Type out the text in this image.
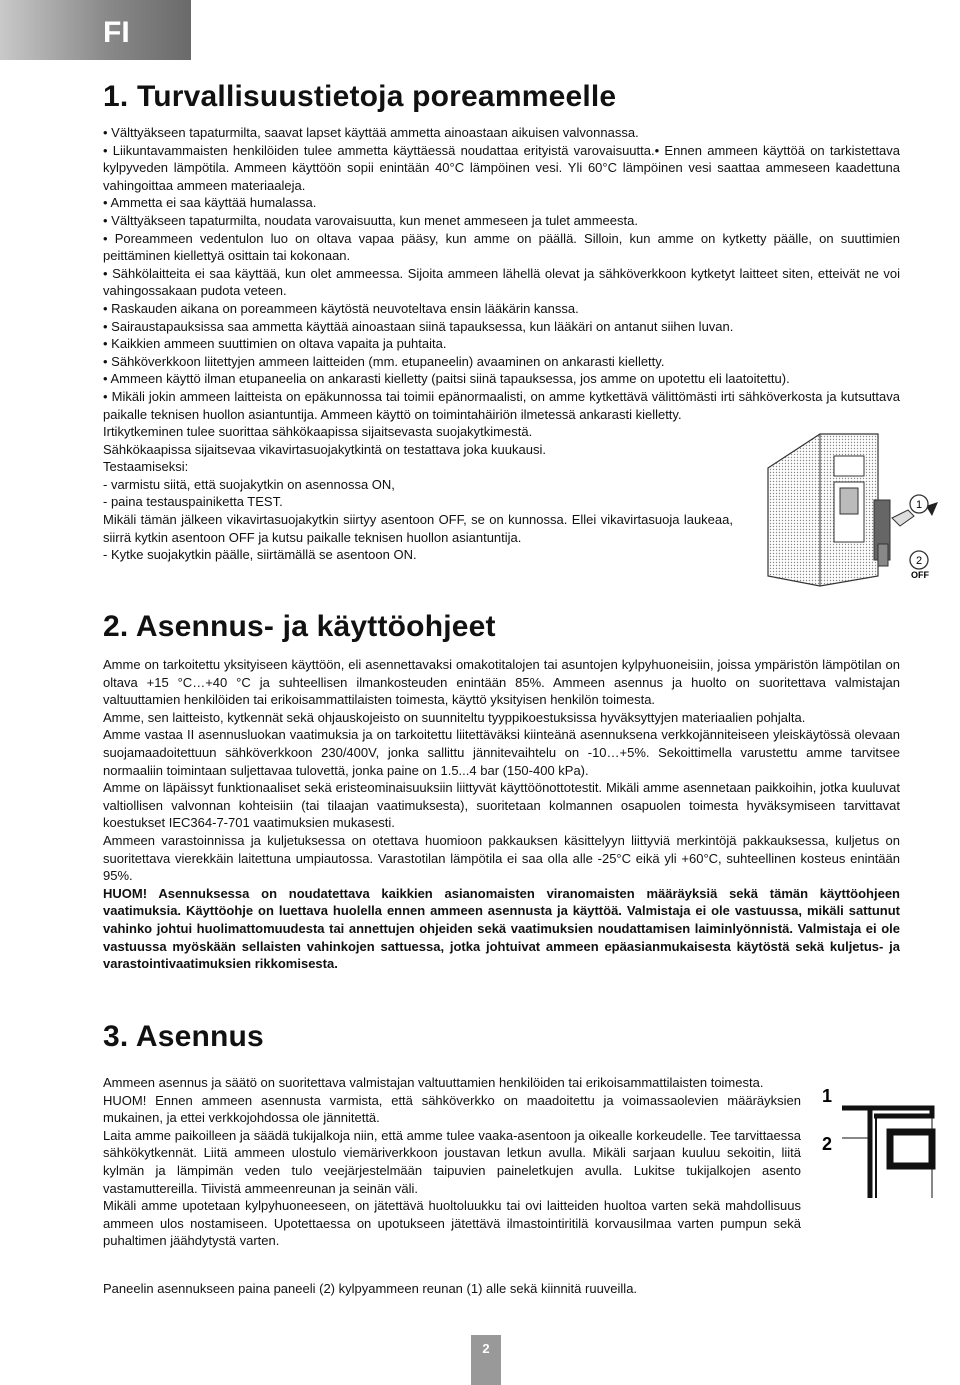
FI
1. Turvallisuustietoja poreammeelle

• Välttyäkseen tapaturmilta, saavat lapset käyttää ammetta ainoastaan aikuisen valvonnassa.

• Liikuntavammaisten henkilöiden tulee ammetta käyttäessä noudattaa erityistä varovaisuutta.• Ennen ammeen käyttöä on tarkistettava kylpyveden lämpötila. Ammeen käyttöön sopii enintään 40°C lämpöinen vesi. Yli 60°C lämpöinen vesi saattaa ammeseen kaadettuna vahingoittaa ammeen materiaaleja.

• Ammetta ei saa käyttää humalassa.

• Välttyäkseen tapaturmilta, noudata varovaisuutta, kun menet ammeseen ja tulet ammeesta.

• Poreammeen vedentulon luo on oltava vapaa pääsy, kun amme on päällä. Silloin, kun amme on kytketty päälle, on suuttimien peittäminen kiellettyä osittain tai kokonaan.

• Sähkölaitteita ei saa käyttää, kun olet ammeessa. Sijoita ammeen lähellä olevat ja sähköverkkoon kytketyt laitteet siten, etteivät ne voi vahingossakaan pudota veteen.

• Raskauden aikana on poreammeen käytöstä neuvoteltava ensin lääkärin kanssa.

• Sairaustapauksissa saa ammetta käyttää ainoastaan siinä tapauksessa, kun lääkäri on antanut siihen luvan.

• Kaikkien ammeen suuttimien on oltava vapaita ja puhtaita.

• Sähköverkkoon liitettyjen ammeen laitteiden (mm. etupaneelin) avaaminen on ankarasti kielletty.

• Ammeen käyttö ilman etupaneelia on ankarasti kielletty (paitsi siinä tapauksessa, jos amme on upotettu eli laatoitettu).

• Mikäli jokin ammeen laitteista on epäkunnossa tai toimii epänormaalisti, on amme kytkettävä välittömästi irti sähköverkosta ja kutsuttava paikalle teknisen huollon asiantuntija. Ammeen käyttö on toimintahäiriön ilmetessä ankarasti kielletty.

Irtikytkeminen tulee suorittaa sähkökaapissa sijaitsevasta suojakytkimestä.

Sähkökaapissa sijaitsevaa vikavirtasuojakytkintä on testattava joka kuukausi.

Testaamiseksi:

- varmistu siitä, että suojakytkin on asennossa ON,

- paina testauspainiketta TEST.

Mikäli tämän jälkeen vikavirtasuojakytkin siirtyy asentoon OFF, se on kunnossa. Ellei vikavirtasuoja laukeaa, siirrä kytkin asentoon OFF ja kutsu paikalle teknisen huollon asiantuntija.

- Kytke suojakytkin päälle, siirtämällä se asentoon ON.

1
2
OFF
2. Asennus- ja käyttöohjeet

Amme on tarkoitettu yksityiseen käyttöön, eli asennettavaksi omakotitalojen tai asuntojen kylpyhuoneisiin, joissa ympäristön lämpötilan on oltava +15 °C…+40 °C ja suhteellisen ilmankosteuden enintään 85%. Ammeen asennus ja huolto on suoritettava valmistajan valtuuttamien henkilöiden tai erikoisammattilaisten toimesta, käyttö yksityisen henkilön toimesta.

Amme, sen laitteisto, kytkennät sekä ohjauskojeisto on suunniteltu tyyppikoestuksissa hyväksyttyjen materiaalien pohjalta.

Amme vastaa II asennusluokan vaatimuksia ja on tarkoitettu liitettäväksi kiinteänä asennuksena verkkojänniteiseen yleiskäytössä olevaan suojamaadoitettuun sähköverkkoon 230/400V, jonka sallittu jännitevaihtelu on -10…+5%. Sekoittimella varustettu amme tarvitsee normaaliin toimintaan suljettavaa tulovettä, jonka paine on 1.5...4 bar (150-400 kPa).

Amme on läpäissyt funktionaaliset sekä eristeominaisuuksiin liittyvät käyttöönottotestit. Mikäli amme asennetaan paikkoihin, jotka kuuluvat valtiollisen valvonnan kohteisiin (tai tilaajan vaatimuksesta), suoritetaan kolmannen osapuolen toimesta hyväksymiseen tarvittavat koestukset IEC364-7-701 vaatimuksien mukasesti.

Ammeen varastoinnissa ja kuljetuksessa on otettava huomioon pakkauksen käsittelyyn liittyviä merkintöjä pakkauksessa, kuljetus on suoritettava vierekkäin laitettuna umpiautossa. Varastotilan lämpötila ei saa olla alle -25°C eikä yli +60°C, suhteellinen kosteus enintään 95%.

HUOM! Asennuksessa on noudatettava kaikkien asianomaisten viranomaisten määräyksiä sekä tämän käyttöohjeen vaatimuksia. Käyttöohje on luettava huolella ennen ammeen asennusta ja käyttöä. Valmistaja ei ole vastuussa, mikäli sattunut vahinko johtui huolimattomuudesta tai annettujen ohjeiden sekä vaatimuksien noudattamisen laiminlyönnistä. Valmistaja ei ole vastuussa myöskään sellaisten vahinkojen sattuessa, jotka johtuivat ammeen epäasianmukaisesta käytöstä sekä kuljetus- ja varastointivaatimuksien rikkomisesta.

3. Asennus

Ammeen asennus ja säätö on suoritettava valmistajan valtuuttamien henkilöiden tai erikoisammattilaisten toimesta.

HUOM! Ennen ammeen asennusta varmista, että sähköverkko on maadoitettu ja voimassaolevien määräyksien mukainen, ja ettei verkkojohdossa ole jännitettä.

Laita amme paikoilleen ja säädä tukijalkoja niin, että amme tulee vaaka-asentoon ja oikealle korkeudelle. Tee tarvittaessa sähkökytkennät. Liitä ammeen ulostulo viemäriverkkoon joustavan letkun avulla. Mikäli sarjaan kuuluu sekoitin, liitä kylmän ja lämpimän veden tulo veejärjestelmään taipuvien paineletkujen avulla. Lukitse tukijalkojen asento vastamuttereilla. Tiivistä ammeenreunan ja seinän väli.

Mikäli amme upotetaan kylpyhuoneeseen, on jätettävä huoltoluukku tai ovi laitteiden huoltoa varten sekä mahdollisuus ammeen ulos nostamiseen. Upotettaessa on upotukseen jätettävä ilmastointiritilä korvausilmaa varten pumpun sekä puhaltimen jäähdytystä varten.

Paneelin asennukseen paina paneeli (2) kylpyammeen reunan (1) alle sekä kiinnitä ruuveilla.
1
2
2
